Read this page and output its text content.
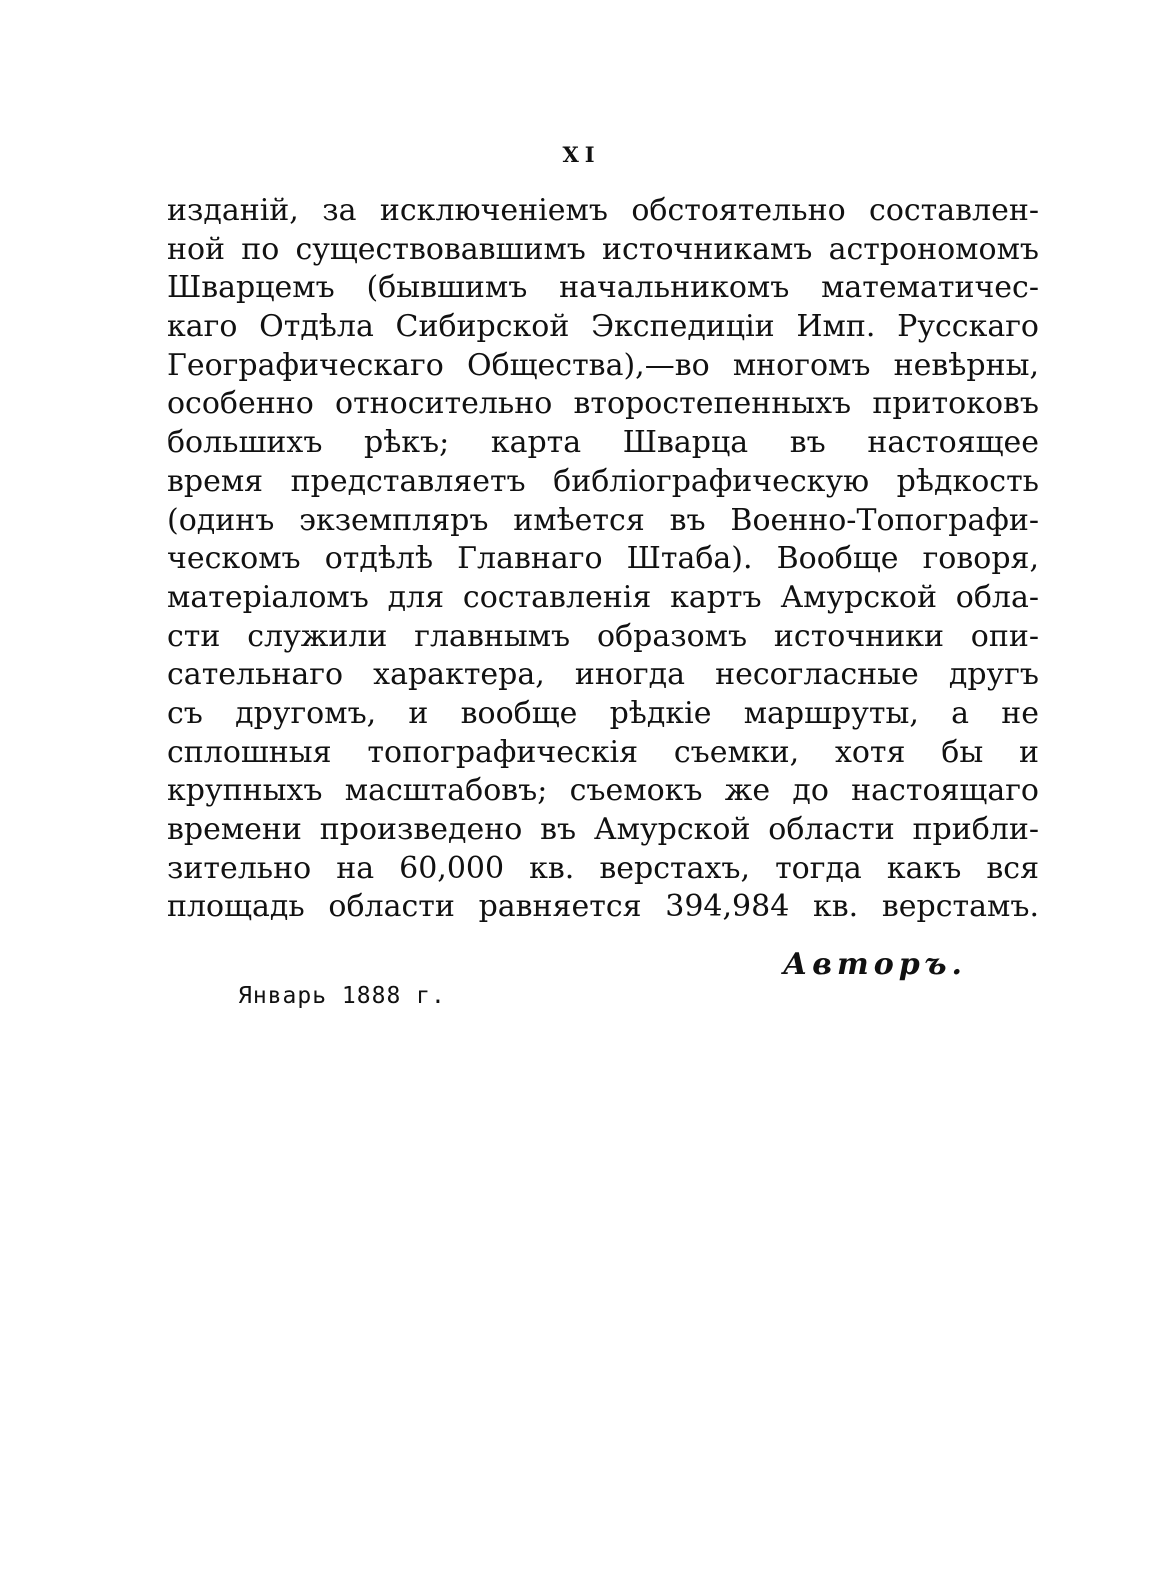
XI
изданій, за исключеніемъ обстоятельно составлен-
ной по существовавшимъ источникамъ астрономомъ
Шварцемъ (бывшимъ начальникомъ математичес-
каго Отдѣла Сибирской Экспедиціи Имп. Русскаго
Географическаго Общества),—во многомъ невѣрны,
особенно относительно второстепенныхъ притоковъ
большихъ рѣкъ; карта Шварца въ настоящее
время представляетъ библіографическую рѣдкость
(одинъ экземпляръ имѣется въ Военно-Топографи-
ческомъ отдѣлѣ Главнаго Штаба). Вообще говоря,
матеріаломъ для составленія картъ Амурской обла-
сти служили главнымъ образомъ источники опи-
сательнаго характера, иногда несогласные другъ
съ другомъ, и вообще рѣдкіе маршруты, а не
сплошныя топографическія съемки, хотя бы и
крупныхъ масштабовъ; съемокъ же до настоящаго
времени произведено въ Амурской области прибли-
зительно на 60,000 кв. верстахъ, тогда какъ вся
площадь области равняется 394,984 кв. верстамъ.
Авторъ.
Январь 1888 г.
